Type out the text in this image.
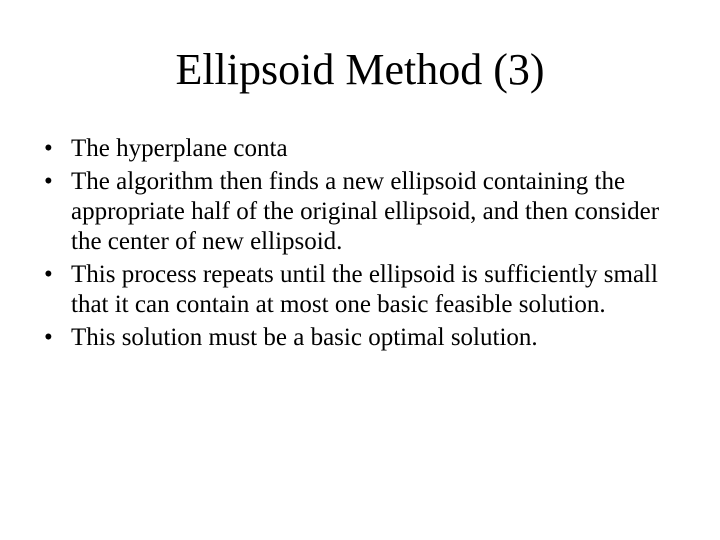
Ellipsoid Method (3)
• The hyperplane conta
• The algorithm then finds a new ellipsoid containing the appropriate half of the original ellipsoid, and then consider the center of new ellipsoid.
• This process repeats until the ellipsoid is sufficiently small that it can contain at most one basic feasible solution.
• This solution must be a basic optimal solution.
